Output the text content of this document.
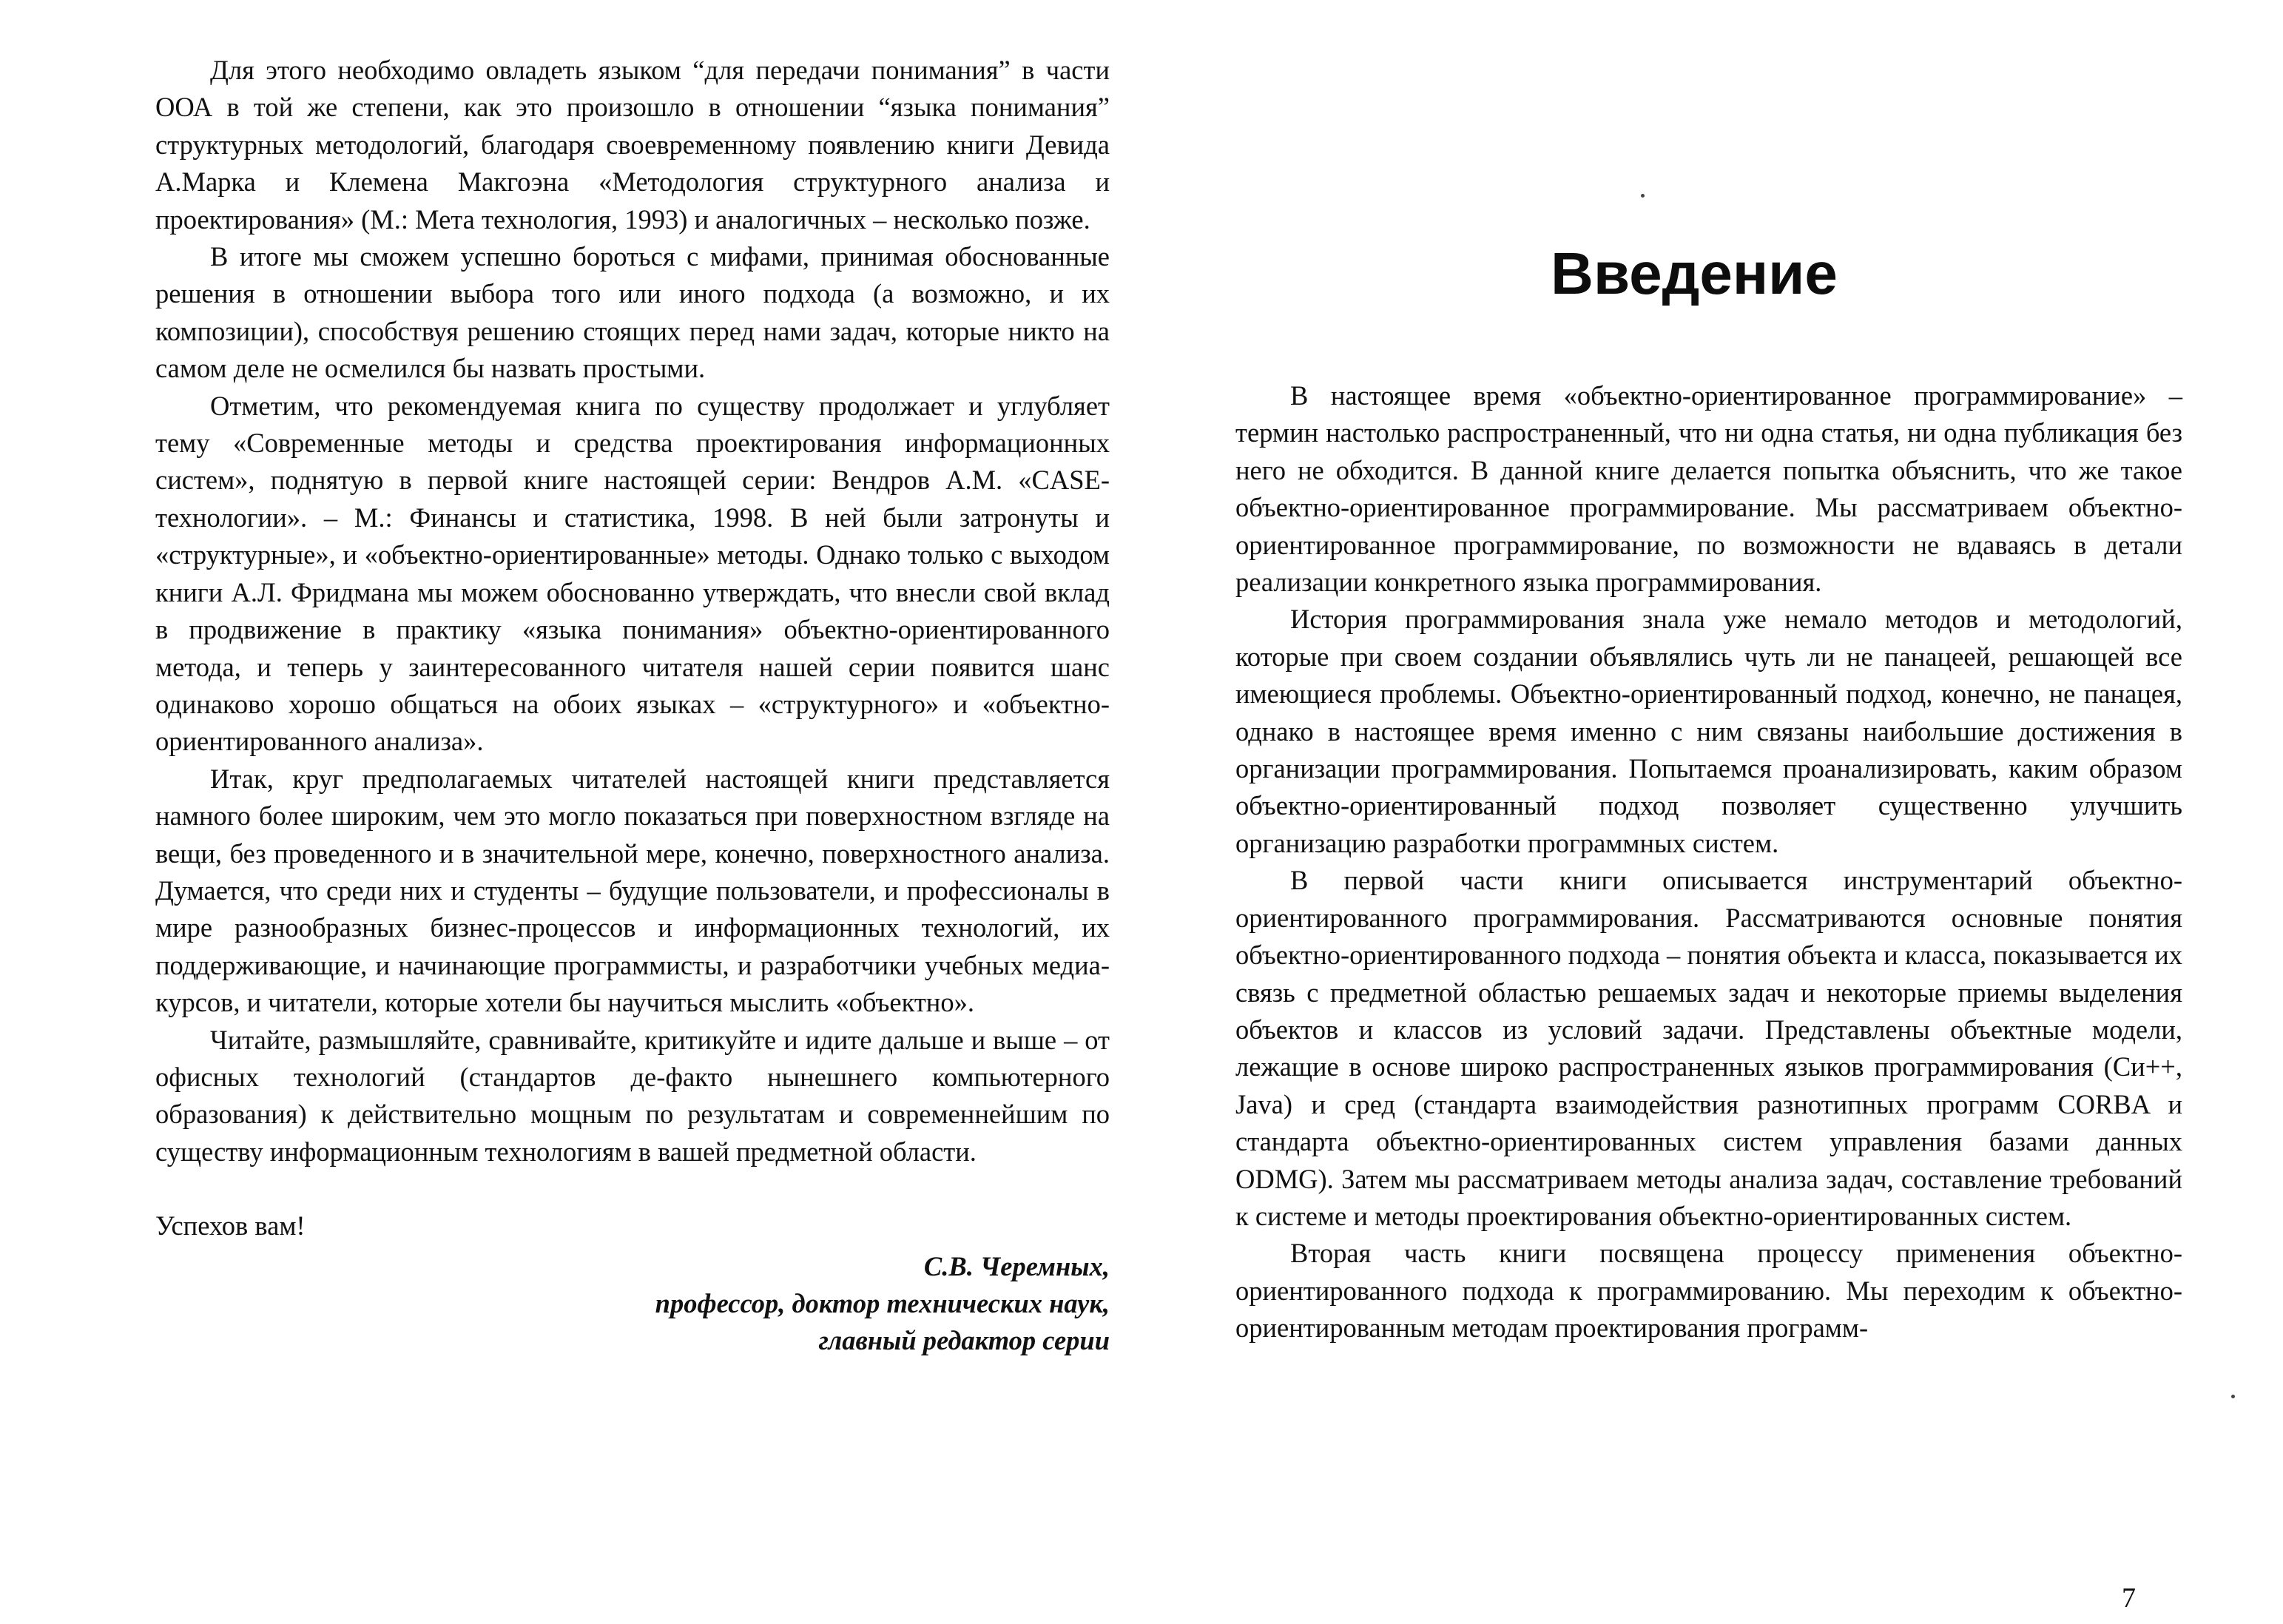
Для этого необходимо овладеть языком “для передачи понимания” в части ООА в той же степени, как это произошло в отношении “языка понимания” структурных методологий, благодаря своевременному появлению книги Девида А.Марка и Клемена Макгоэна «Методология структурного анализа и проектирования» (М.: Мета технология, 1993) и аналогичных – несколько позже.

В итоге мы сможем успешно бороться с мифами, принимая обоснованные решения в отношении выбора того или иного подхода (а возможно, и их композиции), способствуя решению стоящих перед нами задач, которые никто на самом деле не осмелился бы назвать простыми.

Отметим, что рекомендуемая книга по существу продолжает и углубляет тему «Современные методы и средства проектирования информационных систем», поднятую в первой книге настоящей серии: Вендров А.М. «CASE-технологии». – М.: Финансы и статистика, 1998. В ней были затронуты и «структурные», и «объектно-ориентированные» методы. Однако только с выходом книги А.Л. Фридмана мы можем обоснованно утверждать, что внесли свой вклад в продвижение в практику «языка понимания» объектно-ориентированного метода, и теперь у заинтересованного читателя нашей серии появится шанс одинаково хорошо общаться на обоих языках – «структурного» и «объектно-ориентированного анализа».

Итак, круг предполагаемых читателей настоящей книги представляется намного более широким, чем это могло показаться при поверхностном взгляде на вещи, без проведенного и в значительной мере, конечно, поверхностного анализа. Думается, что среди них и студенты – будущие пользователи, и профессионалы в мире разнообразных бизнес-процессов и информационных технологий, их поддерживающие, и начинающие программисты, и разработчики учебных медиа-курсов, и читатели, которые хотели бы научиться мыслить «объектно».

Читайте, размышляйте, сравнивайте, критикуйте и идите дальше и выше – от офисных технологий (стандартов де-факто нынешнего компьютерного образования) к действительно мощным по результатам и современнейшим по существу информационным технологиям в вашей предметной области.

Успехов вам!

С.В. Черемных,
профессор, доктор технических наук,
главный редактор серии
Введение

В настоящее время «объектно-ориентированное программирование» – термин настолько распространенный, что ни одна статья, ни одна публикация без него не обходится. В данной книге делается попытка объяснить, что же такое объектно-ориентированное программирование. Мы рассматриваем объектно-ориентированное программирование, по возможности не вдаваясь в детали реализации конкретного языка программирования.

История программирования знала уже немало методов и методологий, которые при своем создании объявлялись чуть ли не панацеей, решающей все имеющиеся проблемы. Объектно-ориентированный подход, конечно, не панацея, однако в настоящее время именно с ним связаны наибольшие достижения в организации программирования. Попытаемся проанализировать, каким образом объектно-ориентированный подход позволяет существенно улучшить организацию разработки программных систем.

В первой части книги описывается инструментарий объектно-ориентированного программирования. Рассматриваются основные понятия объектно-ориентированного подхода – понятия объекта и класса, показывается их связь с предметной областью решаемых задач и некоторые приемы выделения объектов и классов из условий задачи. Представлены объектные модели, лежащие в основе широко распространенных языков программирования (Си++, Java) и сред (стандарта взаимодействия разнотипных программ CORBA и стандарта объектно-ориентированных систем управления базами данных ODMG). Затем мы рассматриваем методы анализа задач, составление требований к системе и методы проектирования объектно-ориентированных систем.

Вторая часть книги посвящена процессу применения объектно-ориентированного подхода к программированию. Мы переходим к объектно-ориентированным методам проектирования программ-

7
